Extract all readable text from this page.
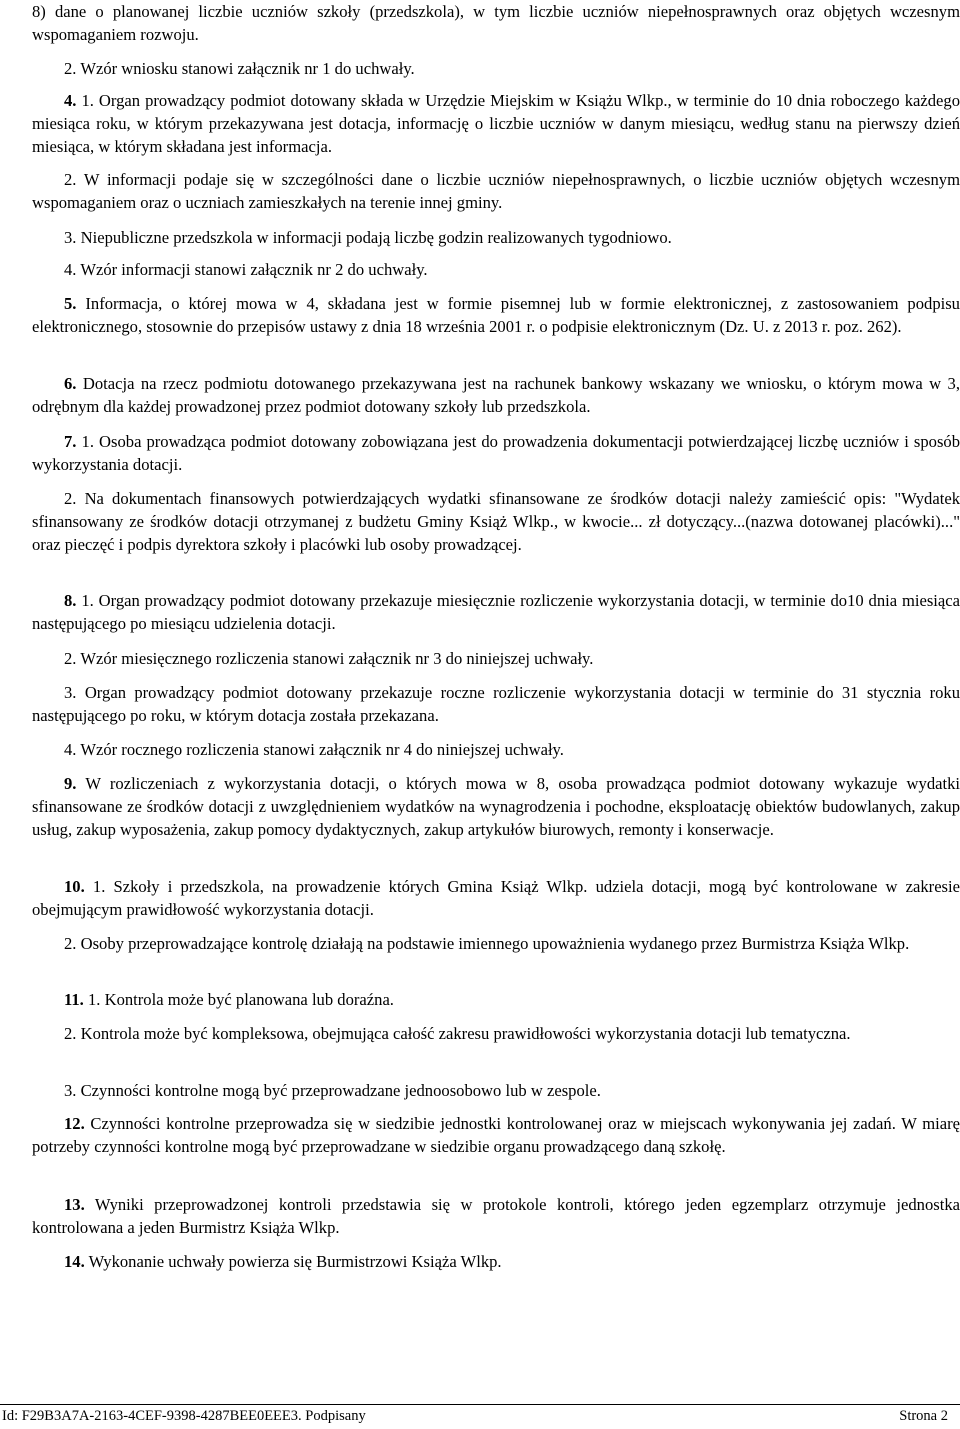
8) dane o planowanej liczbie uczniów szkoły (przedszkola), w tym liczbie uczniów niepełnosprawnych oraz objętych wczesnym wspomaganiem rozwoju.

2. Wzór wniosku stanowi załącznik nr 1 do uchwały.

4. 1. Organ prowadzący podmiot dotowany składa w Urzędzie Miejskim w Książu Wlkp., w terminie do 10 dnia roboczego każdego miesiąca roku, w którym przekazywana jest dotacja, informację o liczbie uczniów w danym miesiącu, według stanu na pierwszy dzień miesiąca, w którym składana jest informacja.

2. W informacji podaje się w szczególności dane o liczbie uczniów niepełnosprawnych, o liczbie uczniów objętych wczesnym wspomaganiem oraz o uczniach zamieszkałych na terenie innej gminy.

3. Niepubliczne przedszkola w informacji podają liczbę godzin realizowanych tygodniowo.

4. Wzór informacji stanowi załącznik nr 2 do uchwały.

5. Informacja, o której mowa w 4, składana jest w formie pisemnej lub w formie elektronicznej, z zastosowaniem podpisu elektronicznego, stosownie do przepisów ustawy z dnia 18 września 2001 r. o podpisie elektronicznym (Dz. U. z 2013 r. poz. 262).

6. Dotacja na rzecz podmiotu dotowanego przekazywana jest na rachunek bankowy wskazany we wniosku, o którym mowa w 3, odrębnym dla każdej prowadzonej przez podmiot dotowany szkoły lub przedszkola.

7. 1. Osoba prowadząca podmiot dotowany zobowiązana jest do prowadzenia dokumentacji potwierdzającej liczbę uczniów i sposób wykorzystania dotacji.

2. Na dokumentach finansowych potwierdzających wydatki sfinansowane ze środków dotacji należy zamieścić opis: "Wydatek sfinansowany ze środków dotacji otrzymanej z budżetu Gminy Książ Wlkp., w kwocie... zł dotyczący...(nazwa dotowanej placówki)..." oraz pieczęć i podpis dyrektora szkoły i placówki lub osoby prowadzącej.

8. 1. Organ prowadzący podmiot dotowany przekazuje miesięcznie rozliczenie wykorzystania dotacji, w terminie do10 dnia miesiąca następującego po miesiącu udzielenia dotacji.

2. Wzór miesięcznego rozliczenia stanowi załącznik nr 3 do niniejszej uchwały.

3. Organ prowadzący podmiot dotowany przekazuje roczne rozliczenie wykorzystania dotacji w terminie do 31 stycznia roku następującego po roku, w którym dotacja została przekazana.

4. Wzór rocznego rozliczenia stanowi załącznik nr 4 do niniejszej uchwały.

9. W rozliczeniach z wykorzystania dotacji, o których mowa w 8, osoba prowadząca podmiot dotowany wykazuje wydatki sfinansowane ze środków dotacji z uwzględnieniem wydatków na wynagrodzenia i pochodne, eksploatację obiektów budowlanych, zakup usług, zakup wyposażenia, zakup pomocy dydaktycznych, zakup artykułów biurowych, remonty i konserwacje.

10. 1. Szkoły i przedszkola, na prowadzenie których Gmina Książ Wlkp. udziela dotacji, mogą być kontrolowane w zakresie obejmującym prawidłowość wykorzystania dotacji.

2. Osoby przeprowadzające kontrolę działają na podstawie imiennego upoważnienia wydanego przez Burmistrza Książa Wlkp.

11. 1. Kontrola może być planowana lub doraźna.

2. Kontrola może być kompleksowa, obejmująca całość zakresu prawidłowości wykorzystania dotacji lub tematyczna.

3. Czynności kontrolne mogą być przeprowadzane jednoosobowo lub w zespole.

12. Czynności kontrolne przeprowadza się w siedzibie jednostki kontrolowanej oraz w miejscach wykonywania jej zadań. W miarę potrzeby czynności kontrolne mogą być przeprowadzane w siedzibie organu prowadzącego daną szkołę.

13. Wyniki przeprowadzonej kontroli przedstawia się w protokole kontroli, którego jeden egzemplarz otrzymuje jednostka kontrolowana a jeden Burmistrz Książa Wlkp.

14. Wykonanie uchwały powierza się Burmistrzowi Książa Wlkp.

Id: F29B3A7A-2163-4CEF-9398-4287BEE0EEE3. Podpisany	Strona 2
